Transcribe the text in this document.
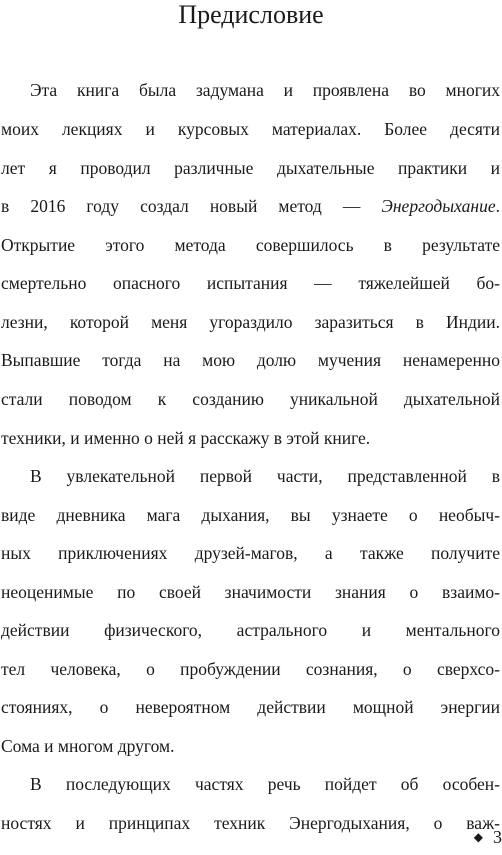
Предисловие
Эта книга была задумана и проявлена во многих
моих лекциях и курсовых материалах. Более десяти
лет я проводил различные дыхательные практики и
в 2016 году создал новый метод — Энергодыхание.
Открытие этого метода совершилось в результате
смертельно опасного испытания — тяжелейшей бо-
лезни, которой меня угораздило заразиться в Индии.
Выпавшие тогда на мою долю мучения ненамеренно
стали поводом к созданию уникальной дыхательной
техники, и именно о ней я расскажу в этой книге.
В увлекательной первой части, представленной в
виде дневника мага дыхания, вы узнаете о необыч-
ных приключениях друзей-магов, а также получите
неоценимые по своей значимости знания о взаимо-
действии физического, астрального и ментального
тел человека, о пробуждении сознания, о сверхсо-
стояниях, о невероятном действии мощной энергии
Сома и многом другом.
В последующих частях речь пойдет об особен-
ностях и принципах техник Энергодыхания, о важ-
◆ 3
